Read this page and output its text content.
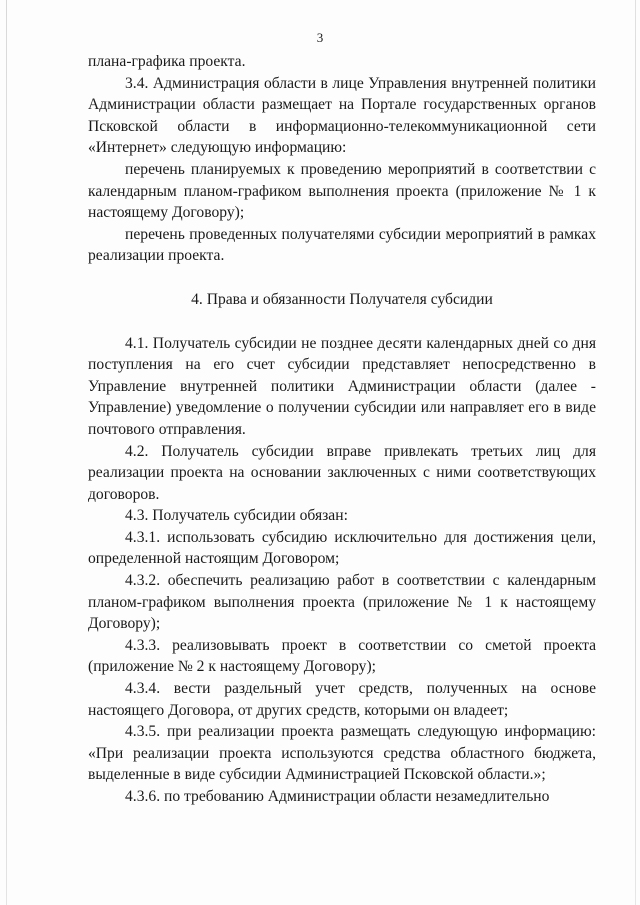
3

плана-графика проекта.

3.4. Администрация области в лице Управления внутренней политики Администрации области размещает на Портале государственных органов Псковской области в информационно-телекоммуникационной сети «Интернет» следующую информацию:

перечень планируемых к проведению мероприятий в соответствии с календарным планом-графиком выполнения проекта (приложение № 1 к настоящему Договору);

перечень проведенных получателями субсидии мероприятий в рамках реализации проекта.

4. Права и обязанности Получателя субсидии

4.1. Получатель субсидии не позднее десяти календарных дней со дня поступления на его счет субсидии представляет непосредственно в Управление внутренней политики Администрации области (далее - Управление) уведомление о получении субсидии или направляет его в виде почтового отправления.

4.2. Получатель субсидии вправе привлекать третьих лиц для реализации проекта на основании заключенных с ними соответствующих договоров.

4.3. Получатель субсидии обязан:

4.3.1. использовать субсидию исключительно для достижения цели, определенной настоящим Договором;

4.3.2. обеспечить реализацию работ в соответствии с календарным планом-графиком выполнения проекта (приложение № 1 к настоящему Договору);

4.3.3. реализовывать проект в соответствии со сметой проекта (приложение № 2 к настоящему Договору);

4.3.4. вести раздельный учет средств, полученных на основе настоящего Договора, от других средств, которыми он владеет;

4.3.5. при реализации проекта размещать следующую информацию: «При реализации проекта используются средства областного бюджета, выделенные в виде субсидии Администрацией Псковской области.»;

4.3.6. по требованию Администрации области незамедлительно
